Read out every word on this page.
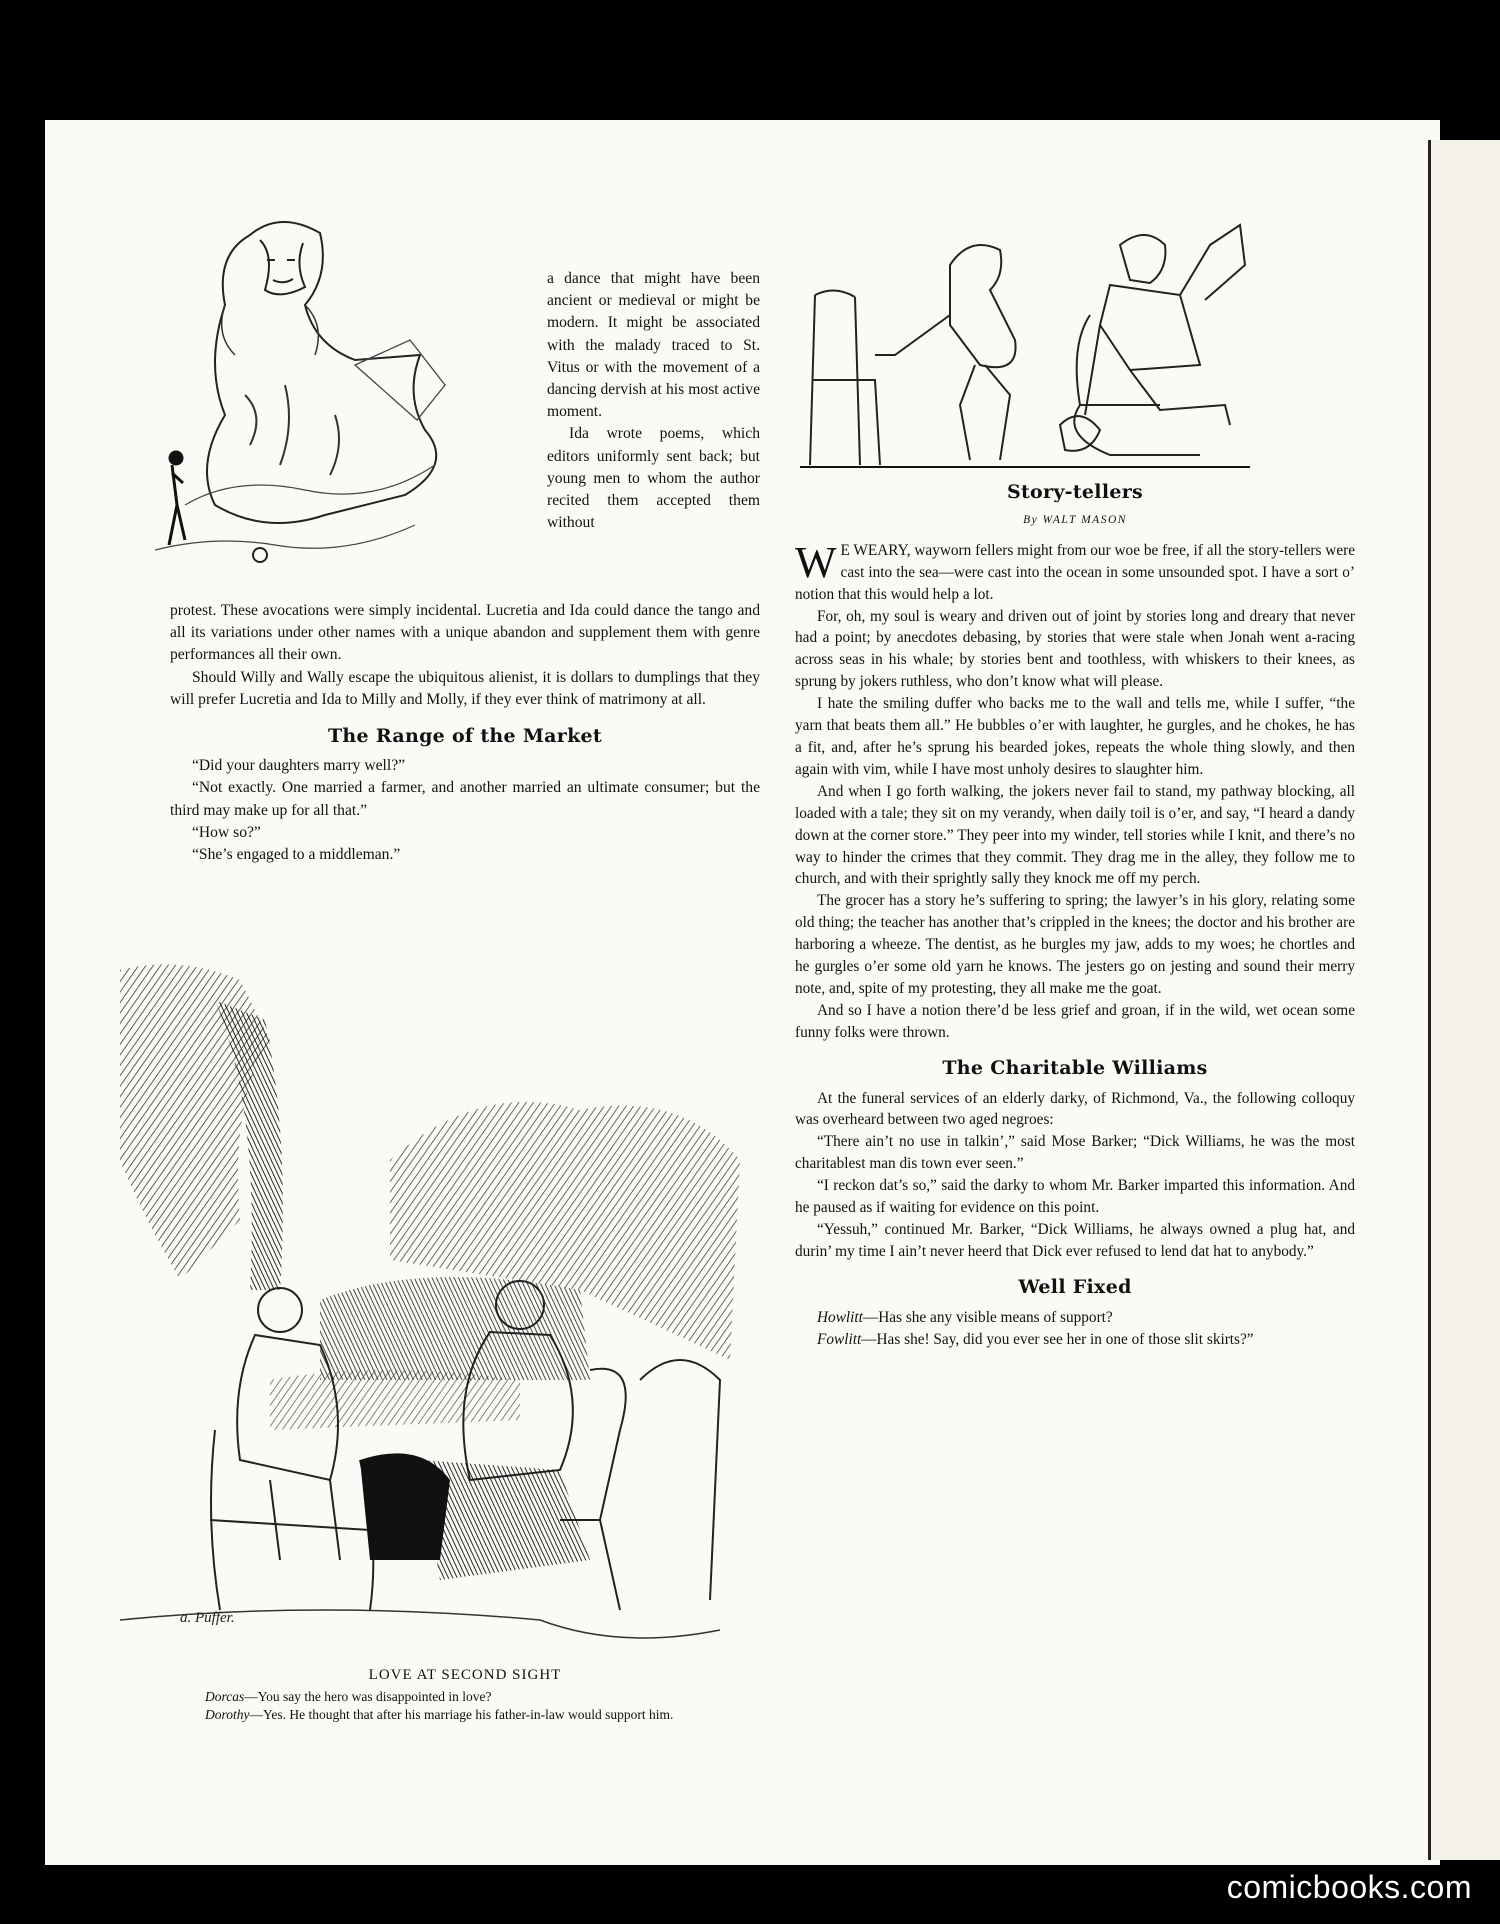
a. Puffer.

a dance that might have been ancient or medieval or might be modern. It might be associated with the malady traced to St. Vitus or with the movement of a dancing dervish at his most active moment.

Ida wrote poems, which editors uniformly sent back; but young men to whom the author recited them accepted them without

protest. These avocations were simply incidental. Lucretia and Ida could dance the tango and all its variations under other names with a unique abandon and supplement them with genre performances all their own.

Should Willy and Wally escape the ubiquitous alienist, it is dollars to dumplings that they will prefer Lucretia and Ida to Milly and Molly, if they ever think of matrimony at all.

The Range of the Market

“Did your daughters marry well?”

“Not exactly. One married a farmer, and another married an ultimate consumer; but the third may make up for all that.”

“How so?”

“She’s engaged to a middleman.”

LOVE AT SECOND SIGHT

Dorcas—You say the hero was disappointed in love?

Dorothy—Yes. He thought that after his marriage his father-in-law would support him.

Story-tellers
By WALT MASON

W E WEARY, wayworn fellers might from our woe be free, if all the story-tellers were cast into the sea—were cast into the ocean in some unsounded spot. I have a sort o’ notion that this would help a lot.

For, oh, my soul is weary and driven out of joint by stories long and dreary that never had a point; by anecdotes debasing, by stories that were stale when Jonah went a-racing across seas in his whale; by stories bent and toothless, with whiskers to their knees, as sprung by jokers ruthless, who don’t know what will please.

I hate the smiling duffer who backs me to the wall and tells me, while I suffer, “the yarn that beats them all.” He bubbles o’er with laughter, he gurgles, and he chokes, he has a fit, and, after he’s sprung his bearded jokes, repeats the whole thing slowly, and then again with vim, while I have most unholy desires to slaughter him.

And when I go forth walking, the jokers never fail to stand, my pathway blocking, all loaded with a tale; they sit on my verandy, when daily toil is o’er, and say, “I heard a dandy down at the corner store.” They peer into my winder, tell stories while I knit, and there’s no way to hinder the crimes that they commit. They drag me in the alley, they follow me to church, and with their sprightly sally they knock me off my perch.

The grocer has a story he’s suffering to spring; the lawyer’s in his glory, relating some old thing; the teacher has another that’s crippled in the knees; the doctor and his brother are harboring a wheeze. The dentist, as he burgles my jaw, adds to my woes; he chortles and he gurgles o’er some old yarn he knows. The jesters go on jesting and sound their merry note, and, spite of my protesting, they all make me the goat.

And so I have a notion there’d be less grief and groan, if in the wild, wet ocean some funny folks were thrown.

The Charitable Williams

At the funeral services of an elderly darky, of Richmond, Va., the following colloquy was overheard between two aged negroes:

“There ain’t no use in talkin’,” said Mose Barker; “Dick Williams, he was the most charitablest man dis town ever seen.”

“I reckon dat’s so,” said the darky to whom Mr. Barker imparted this information. And he paused as if waiting for evidence on this point.

“Yessuh,” continued Mr. Barker, “Dick Williams, he always owned a plug hat, and durin’ my time I ain’t never heerd that Dick ever refused to lend dat hat to anybody.”

Well Fixed

Howlitt—Has she any visible means of support?

Fowlitt—Has she! Say, did you ever see her in one of those slit skirts?”

comicbooks.com
